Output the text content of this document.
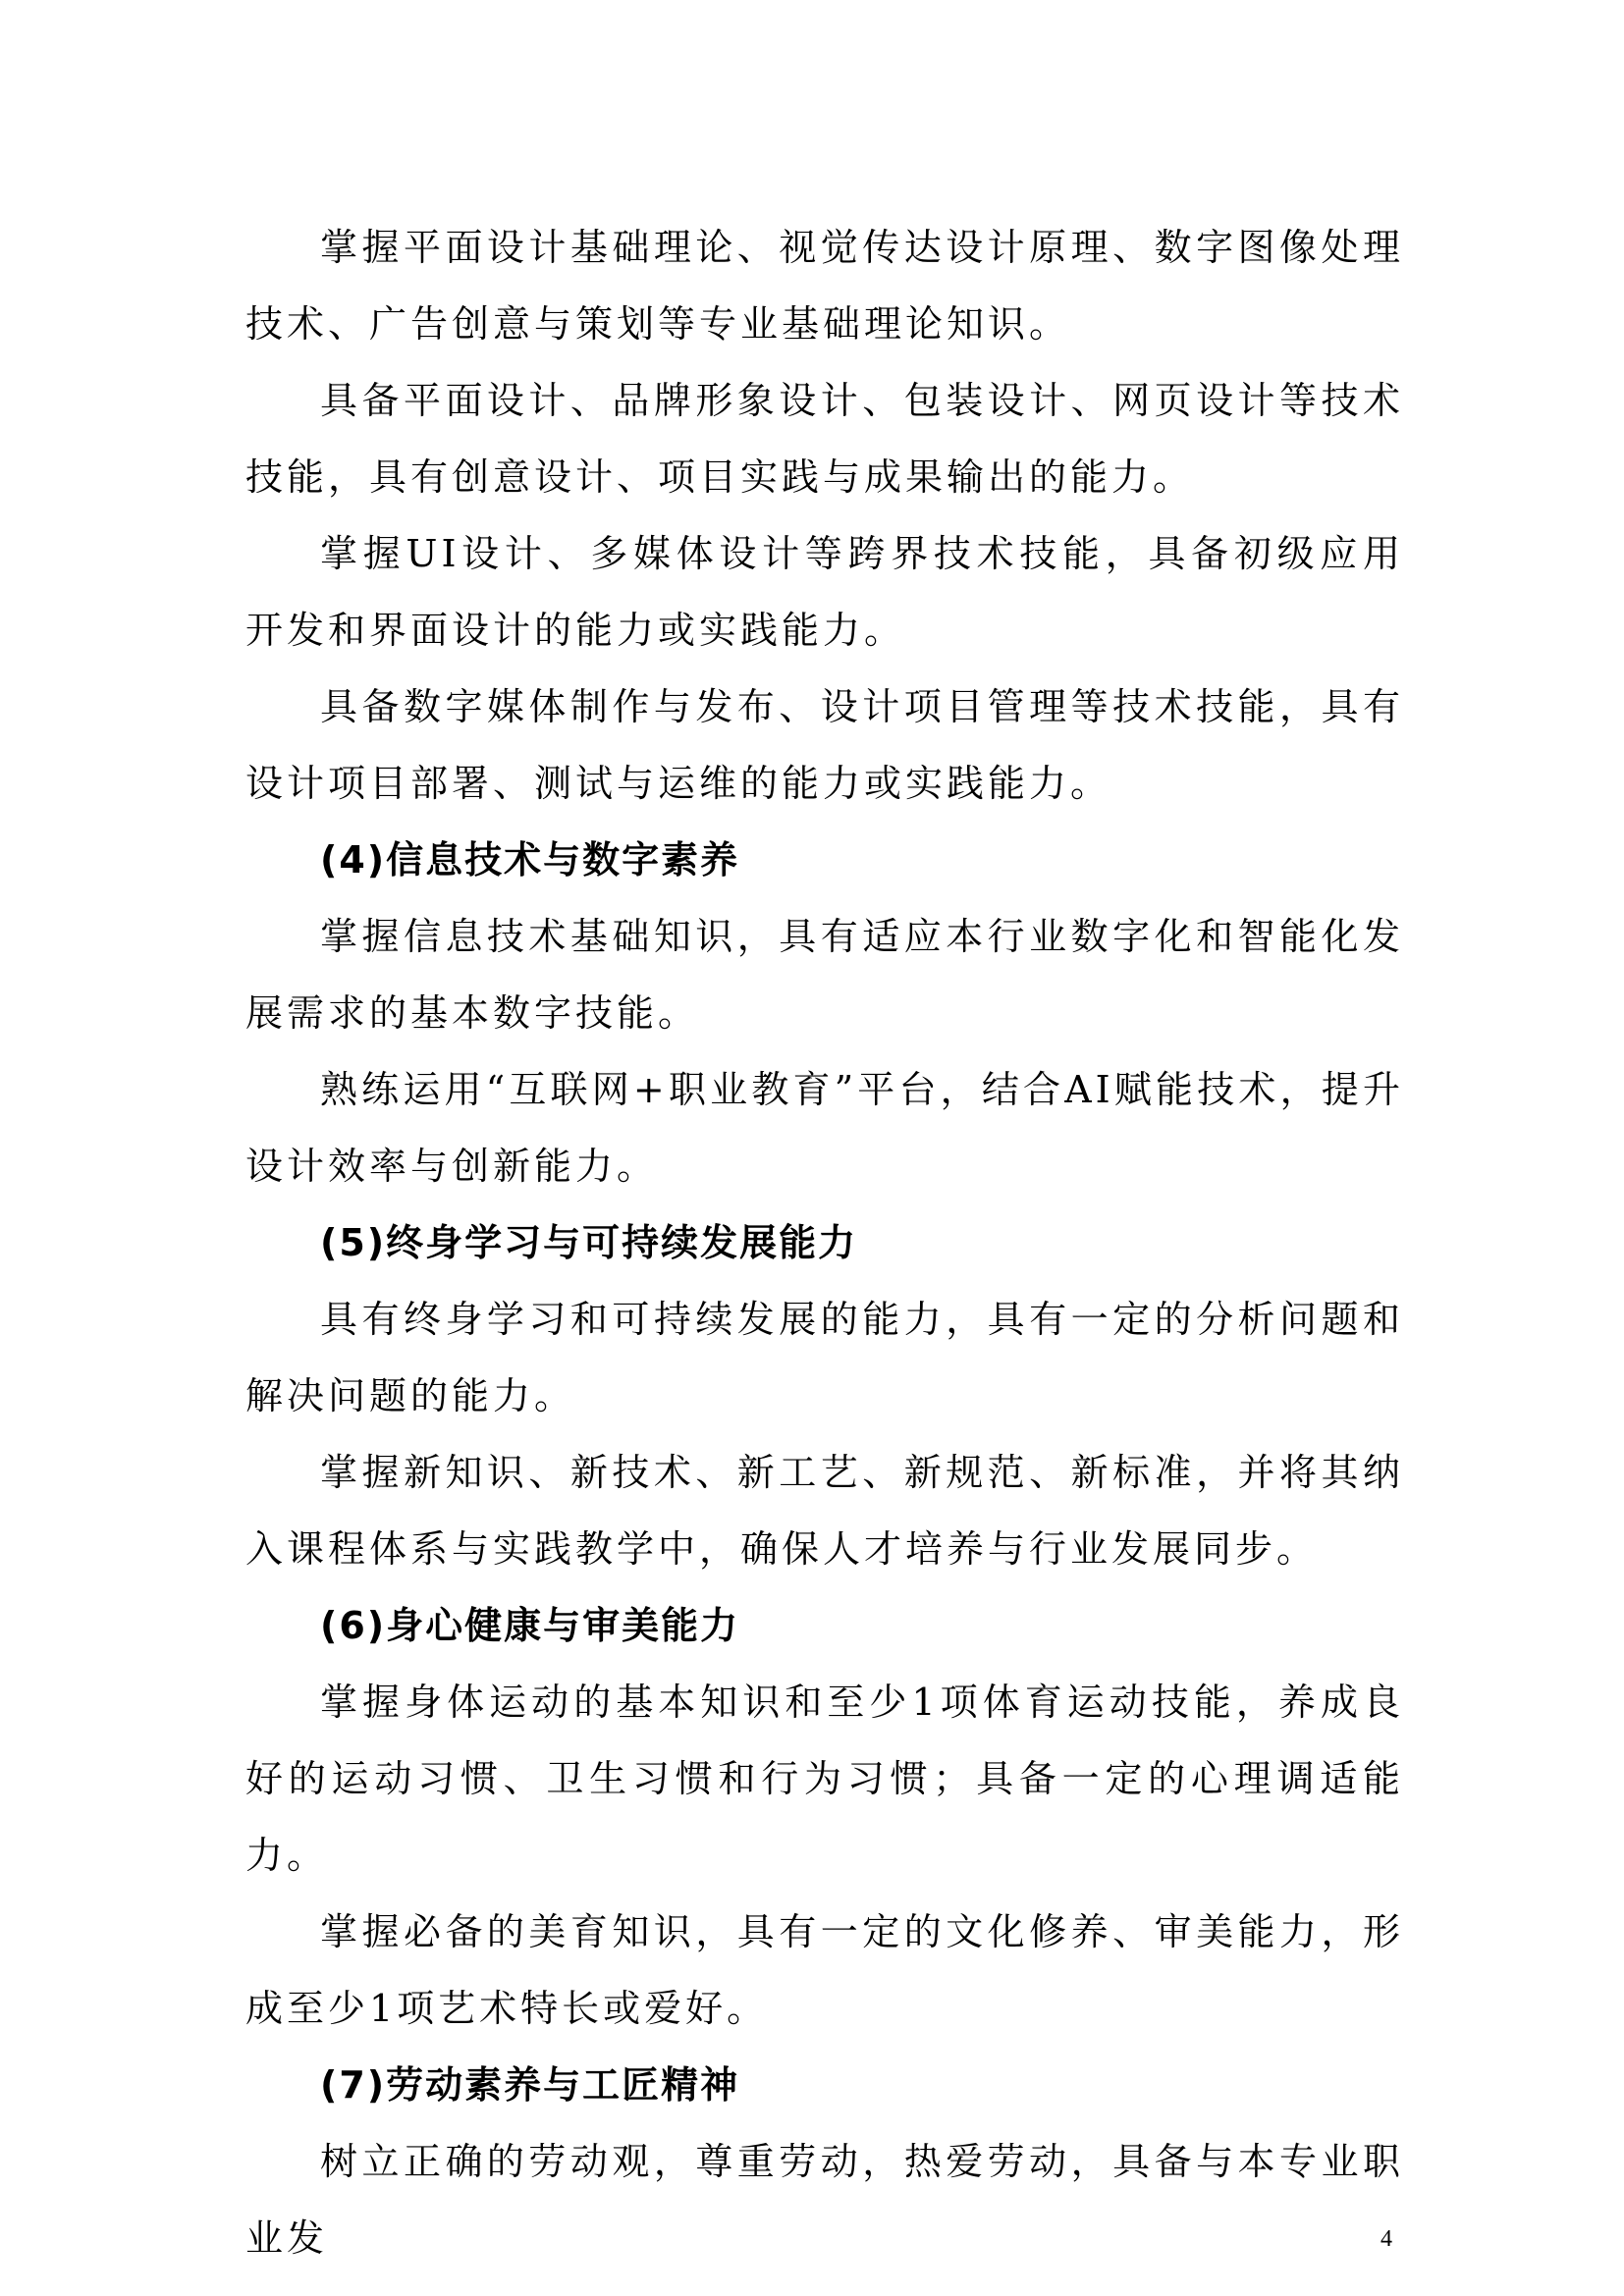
掌握平面设计基础理论、视觉传达设计原理、数字图像处理技术、广告创意与策划等专业基础理论知识。

具备平面设计、品牌形象设计、包装设计、网页设计等技术技能，具有创意设计、项目实践与成果输出的能力。

掌握UI设计、多媒体设计等跨界技术技能，具备初级应用开发和界面设计的能力或实践能力。

具备数字媒体制作与发布、设计项目管理等技术技能，具有设计项目部署、测试与运维的能力或实践能力。

(4)信息技术与数字素养

掌握信息技术基础知识，具有适应本行业数字化和智能化发展需求的基本数字技能。

熟练运用“互联网+职业教育”平台，结合AI赋能技术，提升设计效率与创新能力。

(5)终身学习与可持续发展能力

具有终身学习和可持续发展的能力，具有一定的分析问题和解决问题的能力。

掌握新知识、新技术、新工艺、新规范、新标准，并将其纳入课程体系与实践教学中，确保人才培养与行业发展同步。

(6)身心健康与审美能力

掌握身体运动的基本知识和至少1项体育运动技能，养成良好的运动习惯、卫生习惯和行为习惯；具备一定的心理调适能力。

掌握必备的美育知识，具有一定的文化修养、审美能力，形成至少1项艺术特长或爱好。

(7)劳动素养与工匠精神

树立正确的劳动观，尊重劳动，热爱劳动，具备与本专业职业发	4
